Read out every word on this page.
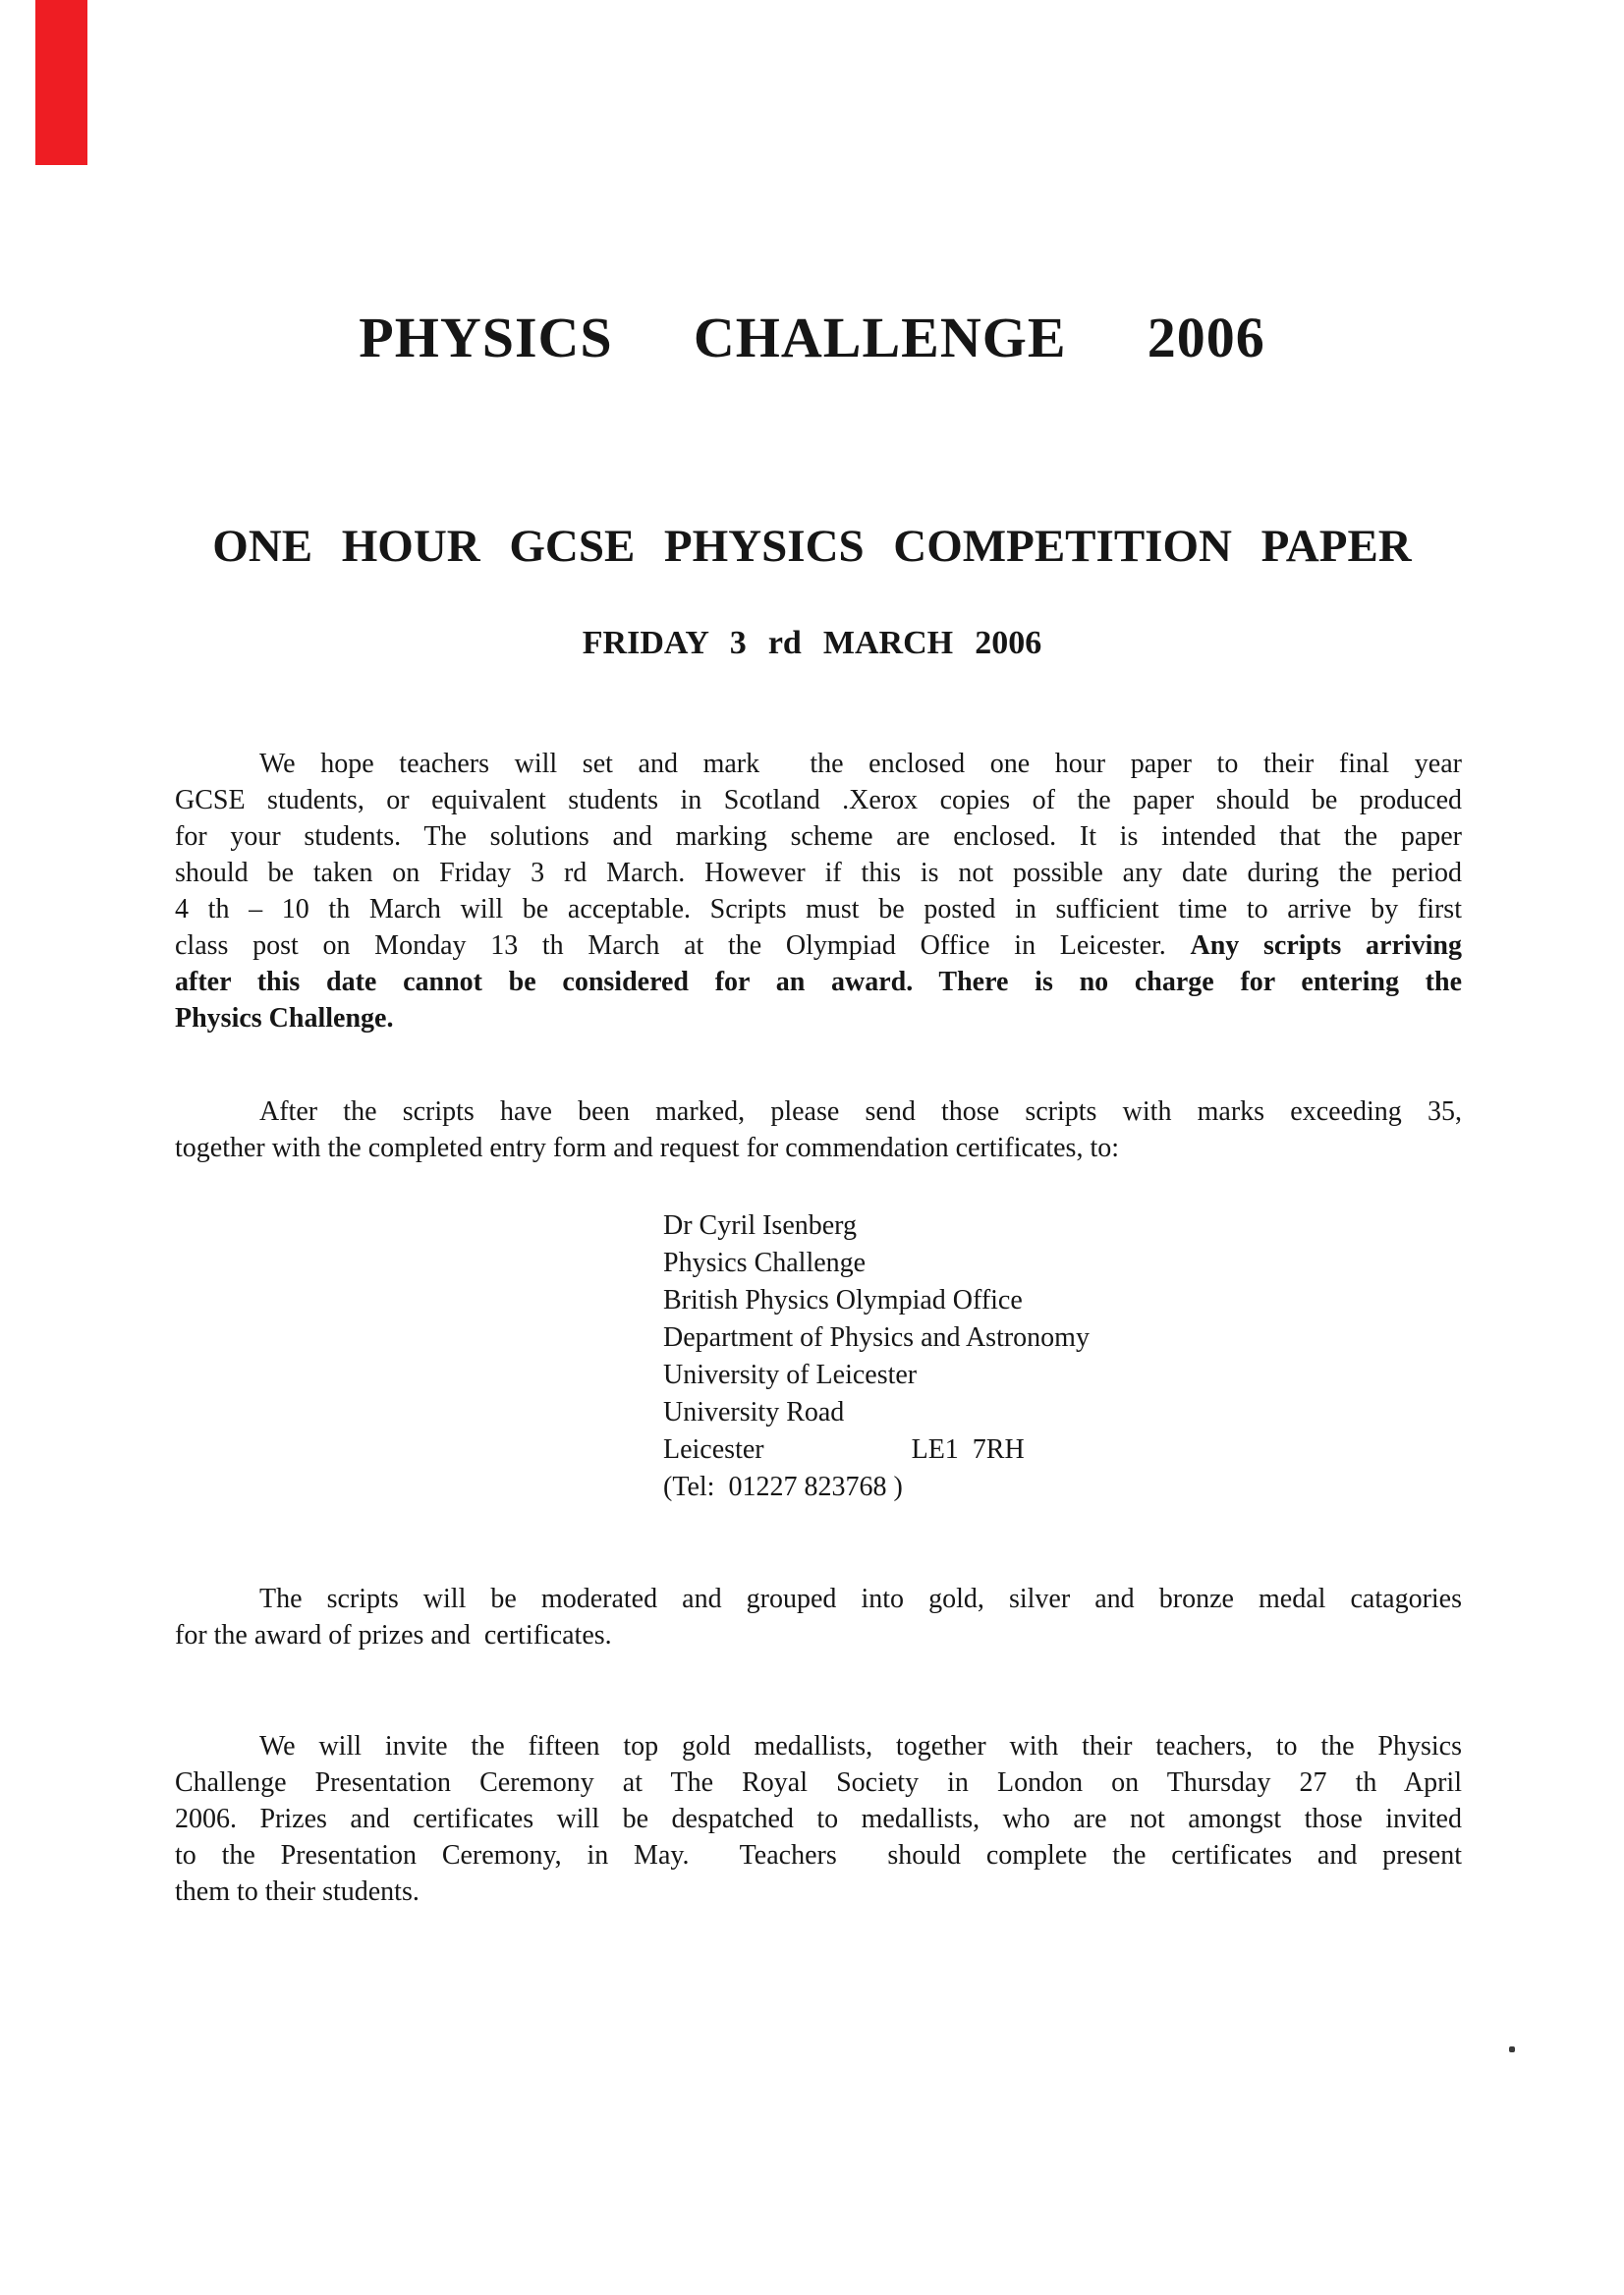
PHYSICS CHALLENGE 2006
ONE HOUR GCSE PHYSICS COMPETITION PAPER
FRIDAY 3 rd MARCH 2006
We hope teachers will set and mark  the enclosed one hour paper to their final year
GCSE students, or equivalent students in Scotland .Xerox copies of the paper should be produced
for your students. The solutions and marking scheme are enclosed. It is intended that the paper
should be taken on Friday 3 rd March. However if this is not possible any date during the period
4 th – 10 th March will be acceptable. Scripts must be posted in sufficient time to arrive by first
class post on Monday 13 th March at the Olympiad Office in Leicester. Any scripts arriving
after this date cannot be considered for an award. There is no charge for entering the
Physics Challenge.
After the scripts have been marked, please send those scripts with marks exceeding 35,
together with the completed entry form and request for commendation certificates, to:
Dr Cyril Isenberg
Physics Challenge
British Physics Olympiad Office
Department of Physics and Astronomy
University of Leicester
University Road
Leicester	LE1  7RH
(Tel:  01227 823768 )
The scripts will be moderated and grouped into gold, silver and bronze medal catagories
for the award of prizes and  certificates.
We will invite the fifteen top gold medallists, together with their teachers, to the Physics
Challenge Presentation Ceremony at The Royal Society in London on Thursday 27 th April
2006. Prizes and certificates will be despatched to medallists, who are not amongst those invited
to the Presentation Ceremony, in May.  Teachers  should complete the certificates and present
them to their students.
